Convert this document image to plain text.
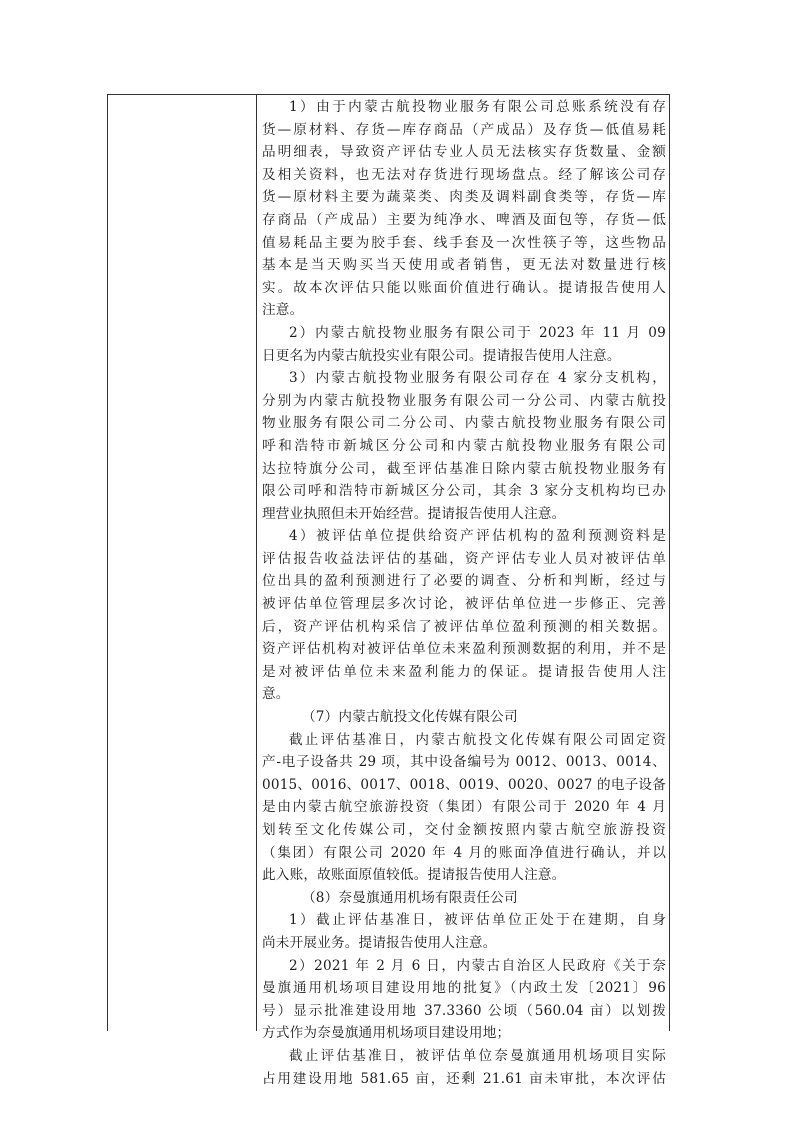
1）由于内蒙古航投物业服务有限公司总账系统没有存
货—原材料、存货—库存商品（产成品）及存货—低值易耗
品明细表，导致资产评估专业人员无法核实存货数量、金额
及相关资料，也无法对存货进行现场盘点。经了解该公司存
货—原材料主要为蔬菜类、肉类及调料副食类等，存货—库
存商品（产成品）主要为纯净水、啤酒及面包等，存货—低
值易耗品主要为胶手套、线手套及一次性筷子等，这些物品
基本是当天购买当天使用或者销售，更无法对数量进行核
实。故本次评估只能以账面价值进行确认。提请报告使用人
注意。
2）内蒙古航投物业服务有限公司于 2023 年 11 月 09
日更名为内蒙古航投实业有限公司。提请报告使用人注意。
3）内蒙古航投物业服务有限公司存在 4 家分支机构，
分别为内蒙古航投物业服务有限公司一分公司、内蒙古航投
物业服务有限公司二分公司、内蒙古航投物业服务有限公司
呼和浩特市新城区分公司和内蒙古航投物业服务有限公司
达拉特旗分公司，截至评估基准日除内蒙古航投物业服务有
限公司呼和浩特市新城区分公司，其余 3 家分支机构均已办
理营业执照但未开始经营。提请报告使用人注意。
4）被评估单位提供给资产评估机构的盈利预测资料是
评估报告收益法评估的基础，资产评估专业人员对被评估单
位出具的盈利预测进行了必要的调查、分析和判断，经过与
被评估单位管理层多次讨论，被评估单位进一步修正、完善
后，资产评估机构采信了被评估单位盈利预测的相关数据。
资产评估机构对被评估单位未来盈利预测数据的利用，并不是
是对被评估单位未来盈利能力的保证。提请报告使用人注
意。
（7）内蒙古航投文化传媒有限公司
截止评估基准日，内蒙古航投文化传媒有限公司固定资
产-电子设备共 29 项，其中设备编号为 0012、0013、0014、
0015、0016、0017、0018、0019、0020、0027 的电子设备
是由内蒙古航空旅游投资（集团）有限公司于 2020 年 4 月
划转至文化传媒公司，交付金额按照内蒙古航空旅游投资
（集团）有限公司 2020 年 4 月的账面净值进行确认，并以
此入账，故账面原值较低。提请报告使用人注意。
（8）奈曼旗通用机场有限责任公司
1）截止评估基准日，被评估单位正处于在建期，自身
尚未开展业务。提请报告使用人注意。
2）2021 年 2 月 6 日，内蒙古自治区人民政府《关于奈
曼旗通用机场项目建设用地的批复》（内政土发〔2021〕96
号）显示批准建设用地 37.3360 公顷（560.04 亩）以划拨
方式作为奈曼旗通用机场项目建设用地；
截止评估基准日，被评估单位奈曼旗通用机场项目实际
占用建设用地 581.65 亩，还剩 21.61 亩未审批，本次评估
